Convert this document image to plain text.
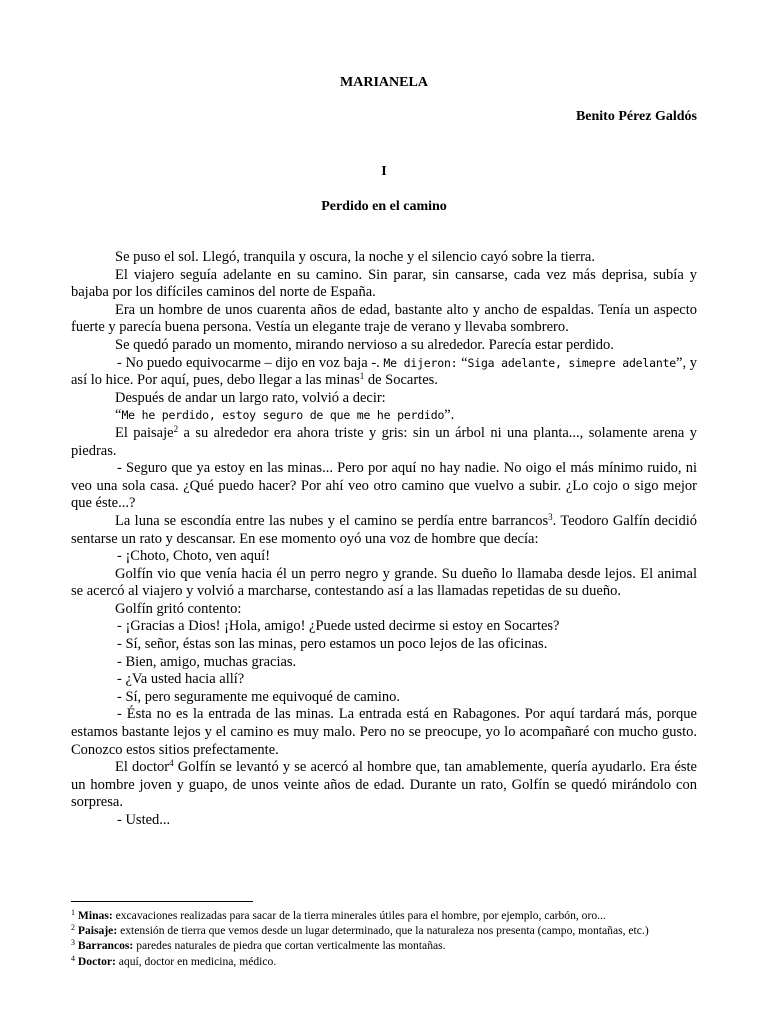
MARIANELA
Benito Pérez Galdós
I
Perdido en el camino

Se puso el sol. Llegó, tranquila y oscura, la noche y el silencio cayó sobre la tierra.

El viajero seguía adelante en su camino. Sin parar, sin cansarse, cada vez más deprisa, subía y bajaba por los difíciles caminos del norte de España.

Era un hombre de unos cuarenta años de edad, bastante alto y ancho de espaldas. Tenía un aspecto fuerte y parecía buena persona. Vestía un elegante traje de verano y llevaba sombrero.

Se quedó parado un momento, mirando nervioso a su alrededor. Parecía estar perdido.

- No puedo equivocarme – dijo en voz baja -. Me dijeron: “Siga adelante, simepre adelante”, y así lo hice. Por aquí, pues, debo llegar a las minas$^1$ de Socartes.

Después de andar un largo rato, volvió a decir:

“Me he perdido, estoy seguro de que me he perdido”.

El paisaje$^2$ a su alrededor era ahora triste y gris: sin un árbol ni una planta..., solamente arena y piedras.

- Seguro que ya estoy en las minas... Pero por aquí no hay nadie. No oigo el más mínimo ruido, ni veo una sola casa. ¿Qué puedo hacer? Por ahí veo otro camino que vuelvo a subir. ¿Lo cojo o sigo mejor que éste...?

La luna se escondía entre las nubes y el camino se perdía entre barrancos$^3$. Teodoro Galfín decidió sentarse un rato y descansar. En ese momento oyó una voz de hombre que decía:

- ¡Choto, Choto, ven aquí!

Golfín vio que venía hacia él un perro negro y grande. Su dueño lo llamaba desde lejos. El animal se acercó al viajero y volvió a marcharse, contestando así a las llamadas repetidas de su dueño.

Golfín gritó contento:

- ¡Gracias a Dios! ¡Hola, amigo! ¿Puede usted decirme si estoy en Socartes?

- Sí, señor, éstas son las minas, pero estamos un poco lejos de las oficinas.

- Bien, amigo, muchas gracias.

- ¿Va usted hacia allí?

- Sí, pero seguramente me equivoqué de camino.

- Ésta no es la entrada de las minas. La entrada está en Rabagones. Por aquí tardará más, porque estamos bastante lejos y el camino es muy malo. Pero no se preocupe, yo lo acompañaré con mucho gusto. Conozco estos sitios prefectamente.

El doctor$^4$ Golfín se levantó y se acercó al hombre que, tan amablemente, quería ayudarlo. Era éste un hombre joven y guapo, de unos veinte años de edad. Durante un rato, Golfín se quedó mirándolo con sorpresa.

- Usted...

$^1$ Minas: excavaciones realizadas para sacar de la tierra minerales útiles para el hombre, por ejemplo, carbón, oro...

$^2$ Paisaje: extensión de tierra que vemos desde un lugar determinado, que la naturaleza nos presenta (campo, montañas, etc.)

$^3$ Barrancos: paredes naturales de piedra que cortan verticalmente las montañas.

$^4$ Doctor: aquí, doctor en medicina, médico.
